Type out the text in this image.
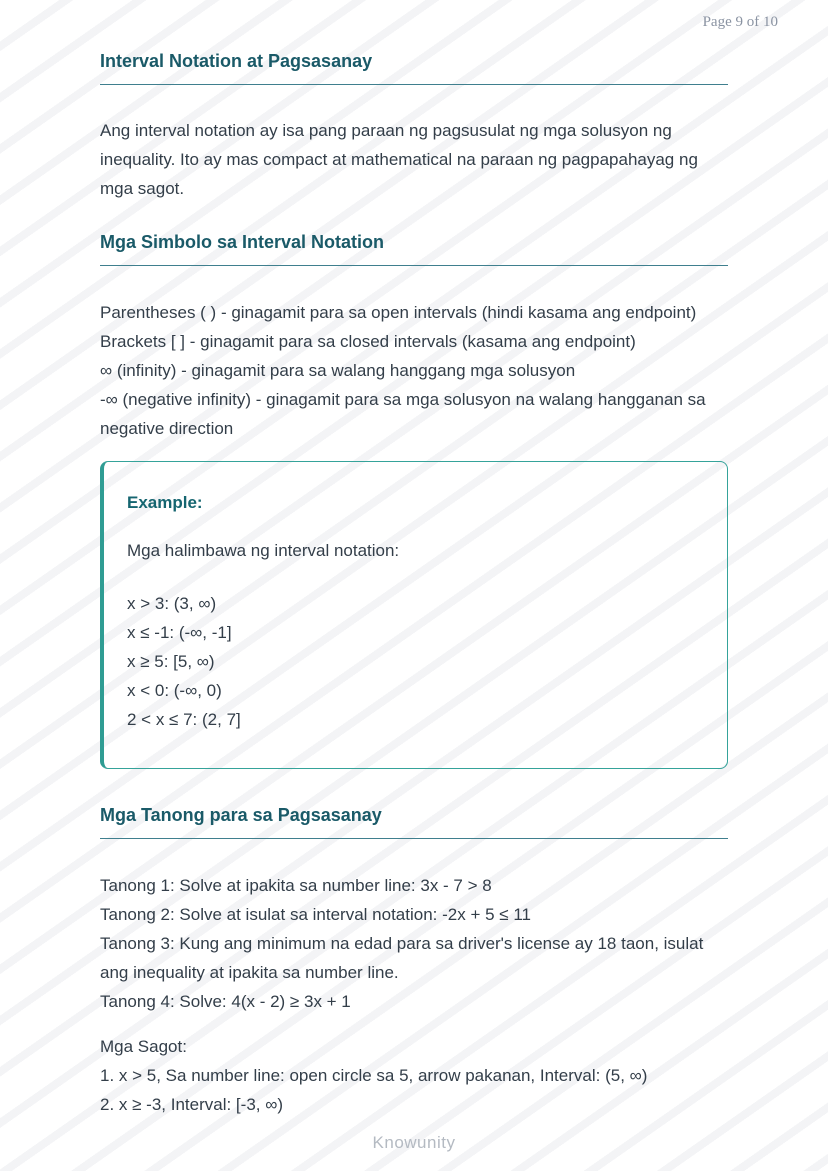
Page 9 of 10
Interval Notation at Pagsasanay

Ang interval notation ay isa pang paraan ng pagsusulat ng mga solusyon ng inequality. Ito ay mas compact at mathematical na paraan ng pagpapahayag ng mga sagot.

Mga Simbolo sa Interval Notation
Parentheses ( ) - ginagamit para sa open intervals (hindi kasama ang endpoint)
Brackets [ ] - ginagamit para sa closed intervals (kasama ang endpoint)
∞ (infinity) - ginagamit para sa walang hanggang mga solusyon
-∞ (negative infinity) - ginagamit para sa mga solusyon na walang hangganan sa negative direction
Example:
Mga halimbawa ng interval notation:
x > 3: (3, ∞)
x ≤ -1: (-∞, -1]
x ≥ 5: [5, ∞)
x < 0: (-∞, 0)
2 < x ≤ 7: (2, 7]
Mga Tanong para sa Pagsasanay
Tanong 1: Solve at ipakita sa number line: 3x - 7 > 8
Tanong 2: Solve at isulat sa interval notation: -2x + 5 ≤ 11
Tanong 3: Kung ang minimum na edad para sa driver's license ay 18 taon, isulat ang inequality at ipakita sa number line.
Tanong 4: Solve: 4(x - 2) ≥ 3x + 1
Mga Sagot:
1. x > 5, Sa number line: open circle sa 5, arrow pakanan, Interval: (5, ∞)
2. x ≥ -3, Interval: [-3, ∞)
Knowunity
